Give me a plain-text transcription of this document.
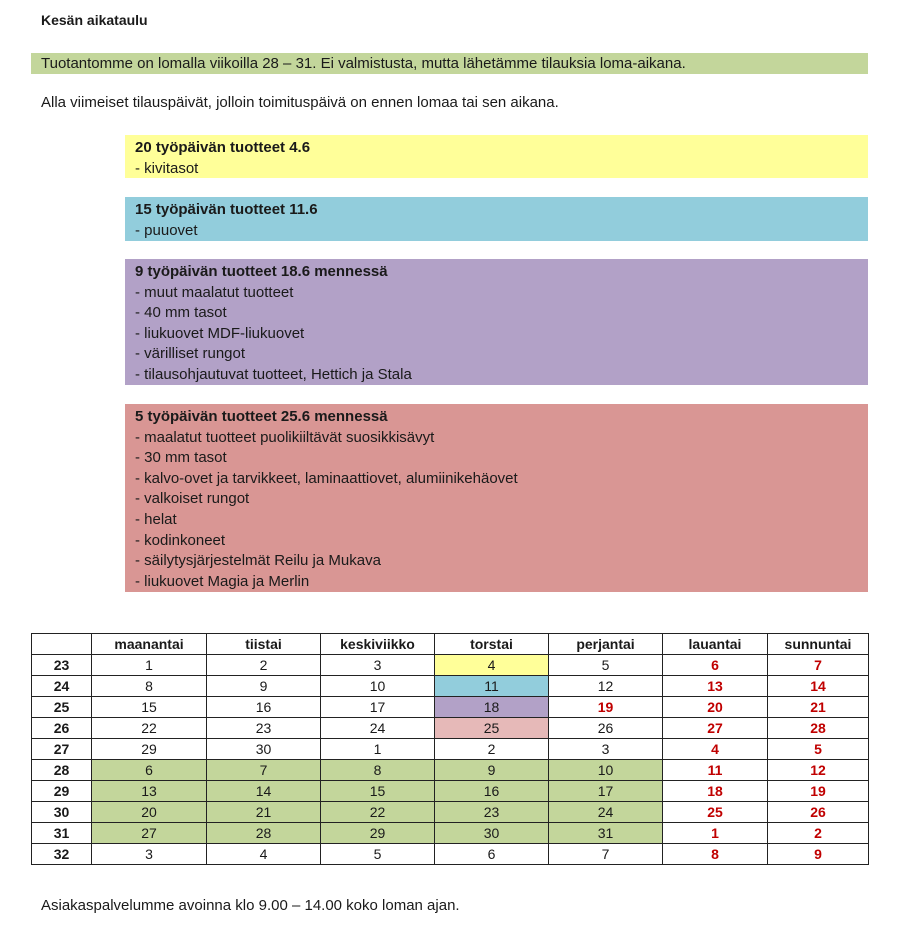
Kesän aikataulu
Tuotantomme on lomalla viikoilla 28 – 31. Ei valmistusta, mutta lähetämme tilauksia loma-aikana.
Alla viimeiset tilauspäivät, jolloin toimituspäivä on ennen lomaa tai sen aikana.
20 työpäivän tuotteet 4.6
- kivitasot
15 työpäivän tuotteet 11.6
- puuovet
9 työpäivän tuotteet 18.6 mennessä
- muut maalatut tuotteet
- 40 mm tasot
- liukuovet MDF-liukuovet
- värilliset rungot
- tilausohjautuvat tuotteet, Hettich ja Stala
5 työpäivän tuotteet 25.6 mennessä
- maalatut tuotteet puolikiiltävät suosikkisävyt
- 30 mm tasot
- kalvo-ovet ja tarvikkeet, laminaattiovet, alumiinikehäovet
- valkoiset rungot
- helat
- kodinkoneet
- säilytysjärjestelmät Reilu ja Mukava
- liukuovet Magia ja Merlin
	maanantai	tiistai	keskiviikko	torstai	perjantai	lauantai	sunnuntai
23	1	2	3	4	5	6	7
24	8	9	10	11	12	13	14
25	15	16	17	18	19	20	21
26	22	23	24	25	26	27	28
27	29	30	1	2	3	4	5
28	6	7	8	9	10	11	12
29	13	14	15	16	17	18	19
30	20	21	22	23	24	25	26
31	27	28	29	30	31	1	2
32	3	4	5	6	7	8	9
Asiakaspalvelumme avoinna klo 9.00 – 14.00 koko loman ajan.
